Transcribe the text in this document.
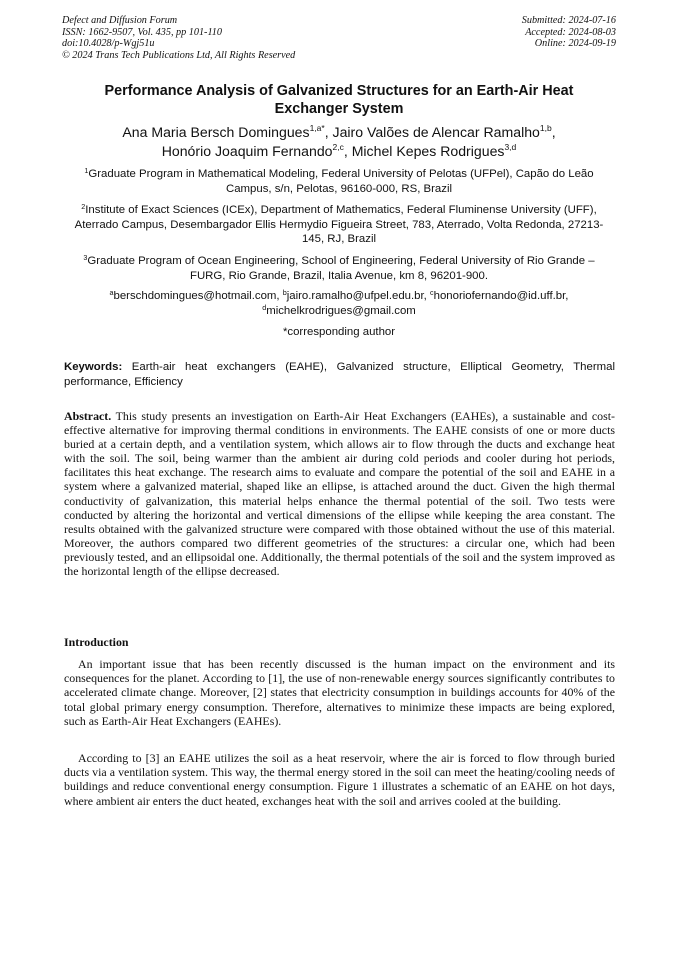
Defect and Diffusion Forum
ISSN: 1662-9507, Vol. 435, pp 101-110
doi:10.4028/p-Wgj51u
© 2024 Trans Tech Publications Ltd, All Rights Reserved
Submitted: 2024-07-16
Accepted: 2024-08-03
Online: 2024-09-19
Performance Analysis of Galvanized Structures for an Earth-Air Heat
Exchanger System
Ana Maria Bersch Domingues$^{1,a*}$, Jairo Valões de Alencar Ramalho$^{1,b}$,
Honório Joaquim Fernando$^{2,c}$, Michel Kepes Rodrigues$^{3,d}$
$^1$Graduate Program in Mathematical Modeling, Federal University of Pelotas (UFPel), Capão do Leão Campus, s/n, Pelotas, 96160-000, RS, Brazil
$^2$Institute of Exact Sciences (ICEx), Department of Mathematics, Federal Fluminense University (UFF), Aterrado Campus, Desembargador Ellis Hermydio Figueira Street, 783, Aterrado, Volta Redonda, 27213-145, RJ, Brazil
$^3$Graduate Program of Ocean Engineering, School of Engineering, Federal University of Rio Grande – FURG, Rio Grande, Brazil, Italia Avenue, km 8, 96201-900.
$^a$berschdomingues@hotmail.com, $^b$jairo.ramalho@ufpel.edu.br, $^c$honoriofernando@id.uff.br,
$^d$michelkrodrigues@gmail.com
*corresponding author
Keywords: Earth-air heat exchangers (EAHE), Galvanized structure, Elliptical Geometry, Thermal performance, Efficiency
Abstract. This study presents an investigation on Earth-Air Heat Exchangers (EAHEs), a sustainable and cost-effective alternative for improving thermal conditions in environments. The EAHE consists of one or more ducts buried at a certain depth, and a ventilation system, which allows air to flow through the ducts and exchange heat with the soil. The soil, being warmer than the ambient air during cold periods and cooler during hot periods, facilitates this heat exchange. The research aims to evaluate and compare the potential of the soil and EAHE in a system where a galvanized material, shaped like an ellipse, is attached around the duct. Given the high thermal conductivity of galvanization, this material helps enhance the thermal potential of the soil. Two tests were conducted by altering the horizontal and vertical dimensions of the ellipse while keeping the area constant. The results obtained with the galvanized structure were compared with those obtained without the use of this material. Moreover, the authors compared two different geometries of the structures: a circular one, which had been previously tested, and an ellipsoidal one. Additionally, the thermal potentials of the soil and the system improved as the horizontal length of the ellipse decreased.
Introduction

An important issue that has been recently discussed is the human impact on the environment and its consequences for the planet. According to [1], the use of non-renewable energy sources significantly contributes to accelerated climate change. Moreover, [2] states that electricity consumption in buildings accounts for 40% of the total global primary energy consumption. Therefore, alternatives to minimize these impacts are being explored, such as Earth-Air Heat Exchangers (EAHEs).

According to [3] an EAHE utilizes the soil as a heat reservoir, where the air is forced to flow through buried ducts via a ventilation system. This way, the thermal energy stored in the soil can meet the heating/cooling needs of buildings and reduce conventional energy consumption. Figure 1 illustrates a schematic of an EAHE on hot days, where ambient air enters the duct heated, exchanges heat with the soil and arrives cooled at the building.
